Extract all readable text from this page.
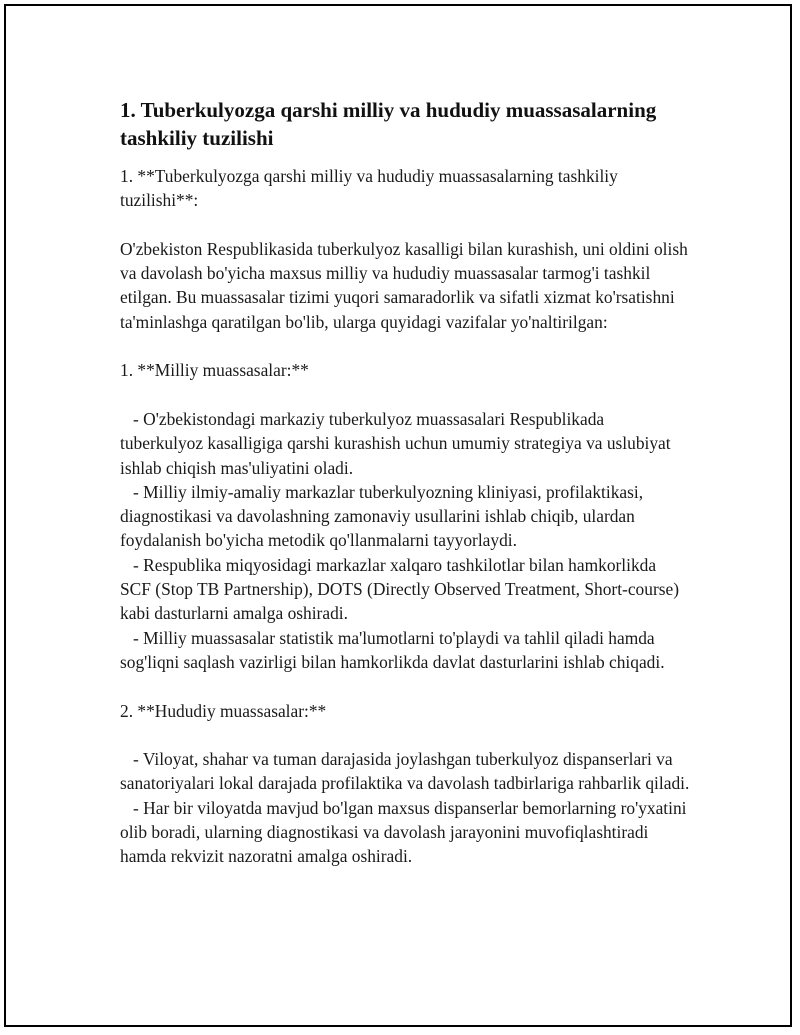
1. Tuberkulyozga qarshi milliy va hududiy muassasalarning tashkiliy tuzilishi
1. **Tuberkulyozga qarshi milliy va hududiy muassasalarning tashkiliy tuzilishi**:

O'zbekiston Respublikasida tuberkulyoz kasalligi bilan kurashish, uni oldini olish va davolash bo'yicha maxsus milliy va hududiy muassasalar tarmog'i tashkil etilgan. Bu muassasalar tizimi yuqori samaradorlik va sifatli xizmat ko'rsatishni ta'minlashga qaratilgan bo'lib, ularga quyidagi vazifalar yo'naltirilgan:

1. **Milliy muassasalar:**

- O'zbekistondagi markaziy tuberkulyoz muassasalari Respublikada tuberkulyoz kasalligiga qarshi kurashish uchun umumiy strategiya va uslubiyat ishlab chiqish mas'uliyatini oladi.
- Milliy ilmiy-amaliy markazlar tuberkulyozning kliniyasi, profilaktikasi, diagnostikasi va davolashning zamonaviy usullarini ishlab chiqib, ulardan foydalanish bo'yicha metodik qo'llanmalarni tayyorlaydi.
- Respublika miqyosidagi markazlar xalqaro tashkilotlar bilan hamkorlikda SCF (Stop TB Partnership), DOTS (Directly Observed Treatment, Short-course) kabi dasturlarni amalga oshiradi.
- Milliy muassasalar statistik ma'lumotlarni to'playdi va tahlil qiladi hamda sog'liqni saqlash vazirligi bilan hamkorlikda davlat dasturlarini ishlab chiqadi.

2. **Hududiy muassasalar:**

- Viloyat, shahar va tuman darajasida joylashgan tuberkulyoz dispanserlari va sanatoriyalari lokal darajada profilaktika va davolash tadbirlariga rahbarlik qiladi.
- Har bir viloyatda mavjud bo'lgan maxsus dispanserlar bemorlarning ro'yxatini olib boradi, ularning diagnostikasi va davolash jarayonini muvofiqlashtiradi hamda rekvizit nazoratni amalga oshiradi.
